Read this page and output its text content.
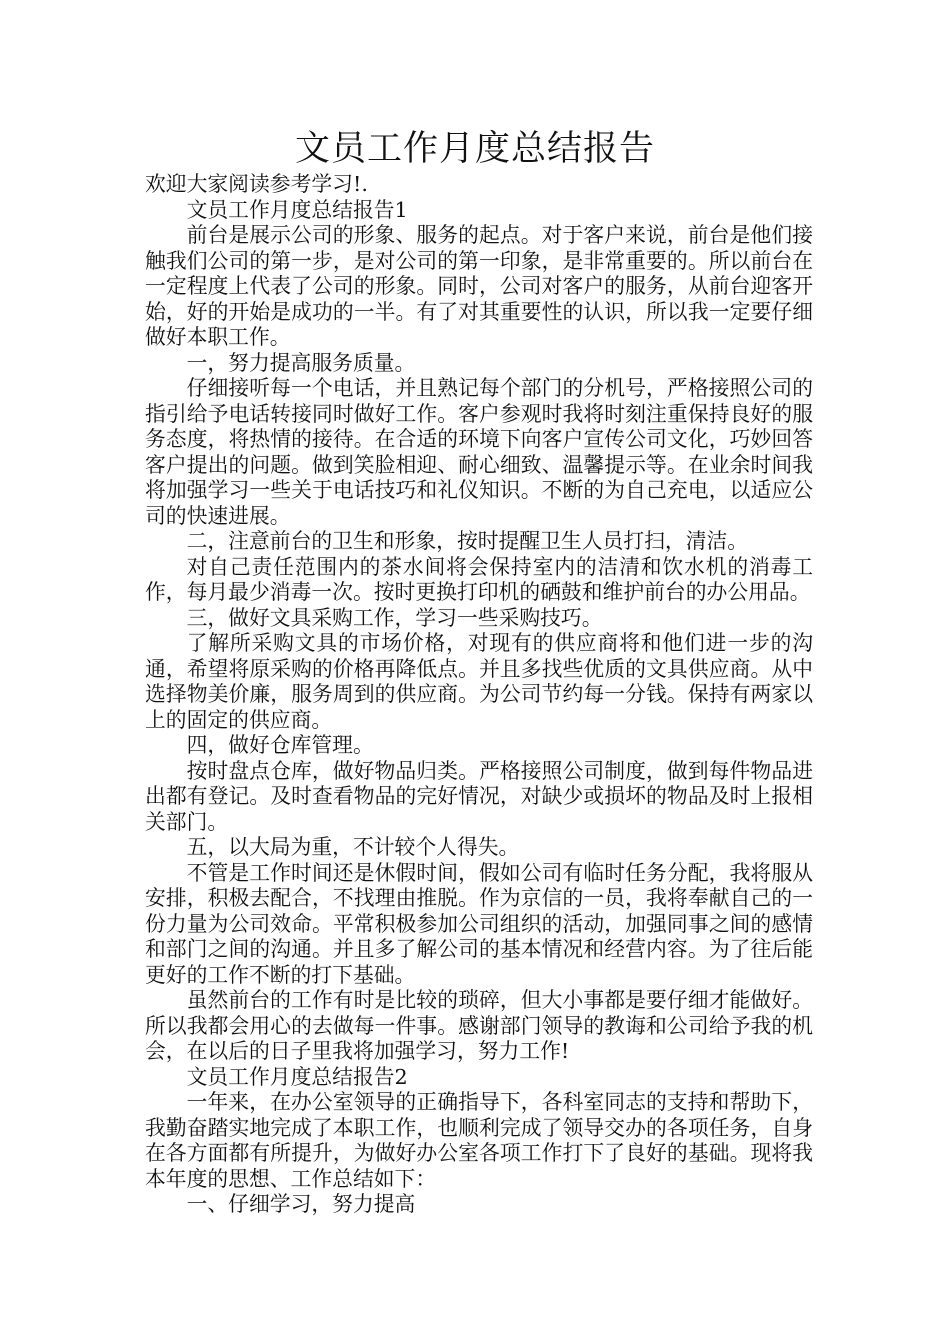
文员工作月度总结报告

欢迎大家阅读参考学习!.

文员工作月度总结报告1

前台是展示公司的形象、服务的起点。对于客户来说，前台是他们接触我们公司的第一步，是对公司的第一印象，是非常重要的。所以前台在一定程度上代表了公司的形象。同时，公司对客户的服务，从前台迎客开始，好的开始是成功的一半。有了对其重要性的认识，所以我一定要仔细做好本职工作。

一，努力提高服务质量。

仔细接听每一个电话，并且熟记每个部门的分机号，严格接照公司的指引给予电话转接同时做好工作。客户参观时我将时刻注重保持良好的服务态度，将热情的接待。在合适的环境下向客户宣传公司文化，巧妙回答客户提出的问题。做到笑脸相迎、耐心细致、温馨提示等。在业余时间我将加强学习一些关于电话技巧和礼仪知识。不断的为自己充电，以适应公司的快速进展。

二，注意前台的卫生和形象，按时提醒卫生人员打扫，清洁。

对自己责任范围内的茶水间将会保持室内的洁清和饮水机的消毒工作，每月最少消毒一次。按时更换打印机的硒鼓和维护前台的办公用品。

三，做好文具采购工作，学习一些采购技巧。

了解所采购文具的市场价格，对现有的供应商将和他们进一步的沟通，希望将原采购的价格再降低点。并且多找些优质的文具供应商。从中选择物美价廉，服务周到的供应商。为公司节约每一分钱。保持有两家以上的固定的供应商。

四，做好仓库管理。

按时盘点仓库，做好物品归类。严格接照公司制度，做到每件物品进出都有登记。及时查看物品的完好情况，对缺少或损坏的物品及时上报相关部门。

五，以大局为重，不计较个人得失。

不管是工作时间还是休假时间，假如公司有临时任务分配，我将服从安排，积极去配合，不找理由推脱。作为京信的一员，我将奉献自己的一份力量为公司效命。平常积极参加公司组织的活动，加强同事之间的感情和部门之间的沟通。并且多了解公司的基本情况和经营内容。为了往后能更好的工作不断的打下基础。

虽然前台的工作有时是比较的琐碎，但大小事都是要仔细才能做好。所以我都会用心的去做每一件事。感谢部门领导的教诲和公司给予我的机会，在以后的日子里我将加强学习，努力工作!

文员工作月度总结报告2

一年来，在办公室领导的正确指导下，各科室同志的支持和帮助下，我勤奋踏实地完成了本职工作，也顺利完成了领导交办的各项任务，自身在各方面都有所提升，为做好办公室各项工作打下了良好的基础。现将我本年度的思想、工作总结如下：

一、仔细学习，努力提高
